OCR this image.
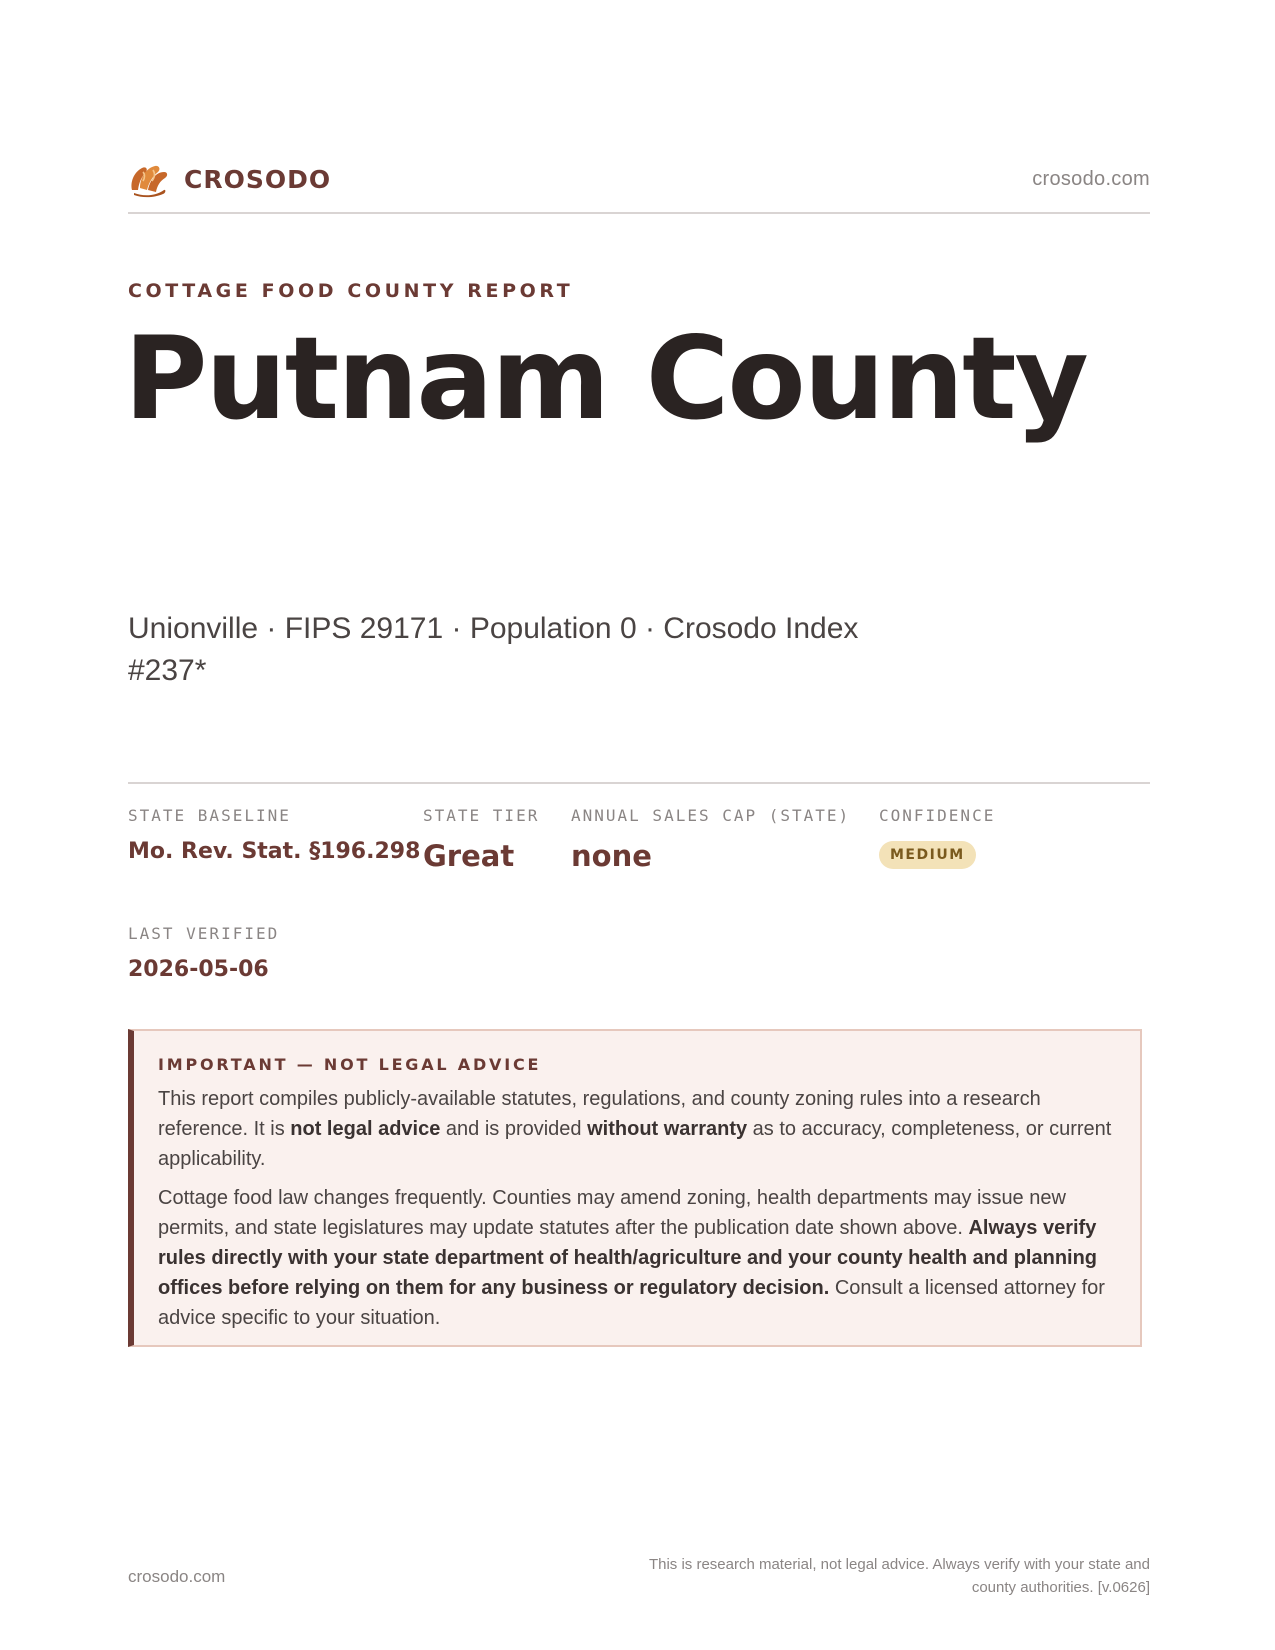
CROSODO	crosodo.com
COTTAGE FOOD COUNTY REPORT
Putnam County
Unionville · FIPS 29171 · Population 0 · Crosodo Index #237*
STATE BASELINE
Mo. Rev. Stat. §196.298
STATE TIER
Great
ANNUAL SALES CAP (STATE)
none
CONFIDENCE
MEDIUM
LAST VERIFIED
2026-05-06
IMPORTANT — NOT LEGAL ADVICE

This report compiles publicly-available statutes, regulations, and county zoning rules into a research reference. It is not legal advice and is provided without warranty as to accuracy, completeness, or current applicability.

Cottage food law changes frequently. Counties may amend zoning, health departments may issue new permits, and state legislatures may update statutes after the publication date shown above. Always verify rules directly with your state department of health/agriculture and your county health and planning offices before relying on them for any business or regulatory decision. Consult a licensed attorney for advice specific to your situation.

crosodo.com
This is research material, not legal advice. Always verify with your state and county authorities. [v.0626]
